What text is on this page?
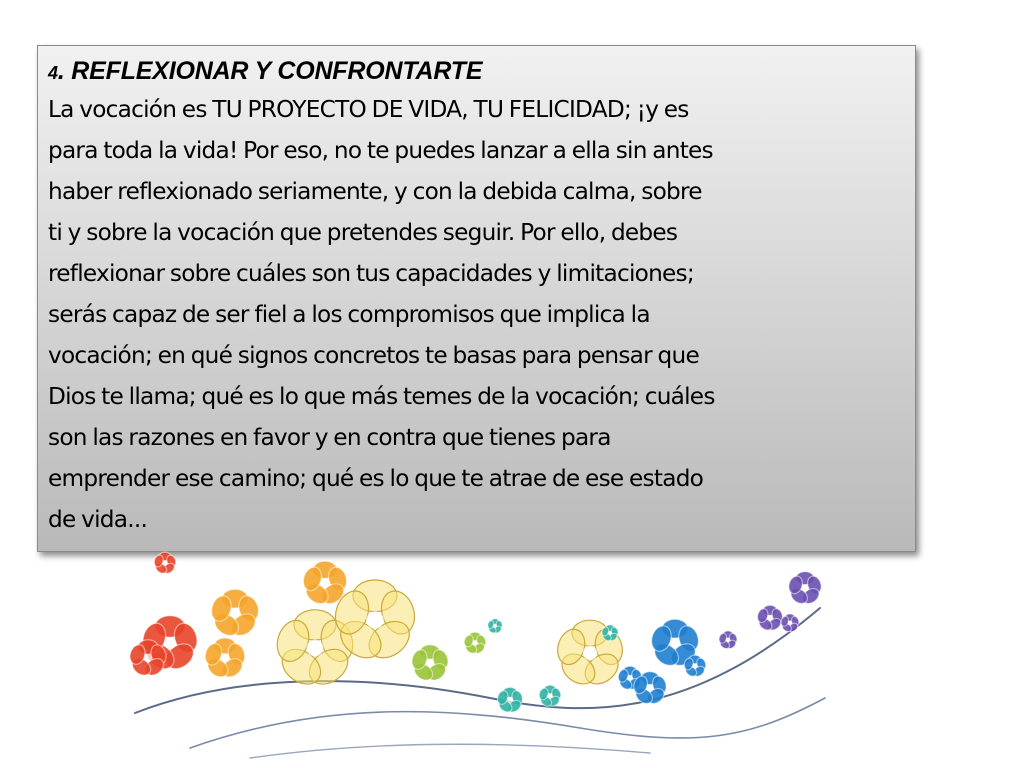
4. REFLEXIONAR Y CONFRONTARTE

La vocación es TU PROYECTO DE VIDA, TU FELICIDAD; ¡y es
para toda la vida! Por eso, no te puedes lanzar a ella sin antes
haber reflexionado seriamente, y con la debida calma, sobre
ti y sobre la vocación que pretendes seguir. Por ello, debes
reflexionar sobre cuáles son tus capacidades y limitaciones;
serás capaz de ser fiel a los compromisos que implica la
vocación; en qué signos concretos te basas para pensar que
Dios te llama; qué es lo que más temes de la vocación; cuáles
son las razones en favor y en contra que tienes para
emprender ese camino; qué es lo que te atrae de ese estado
de vida...
